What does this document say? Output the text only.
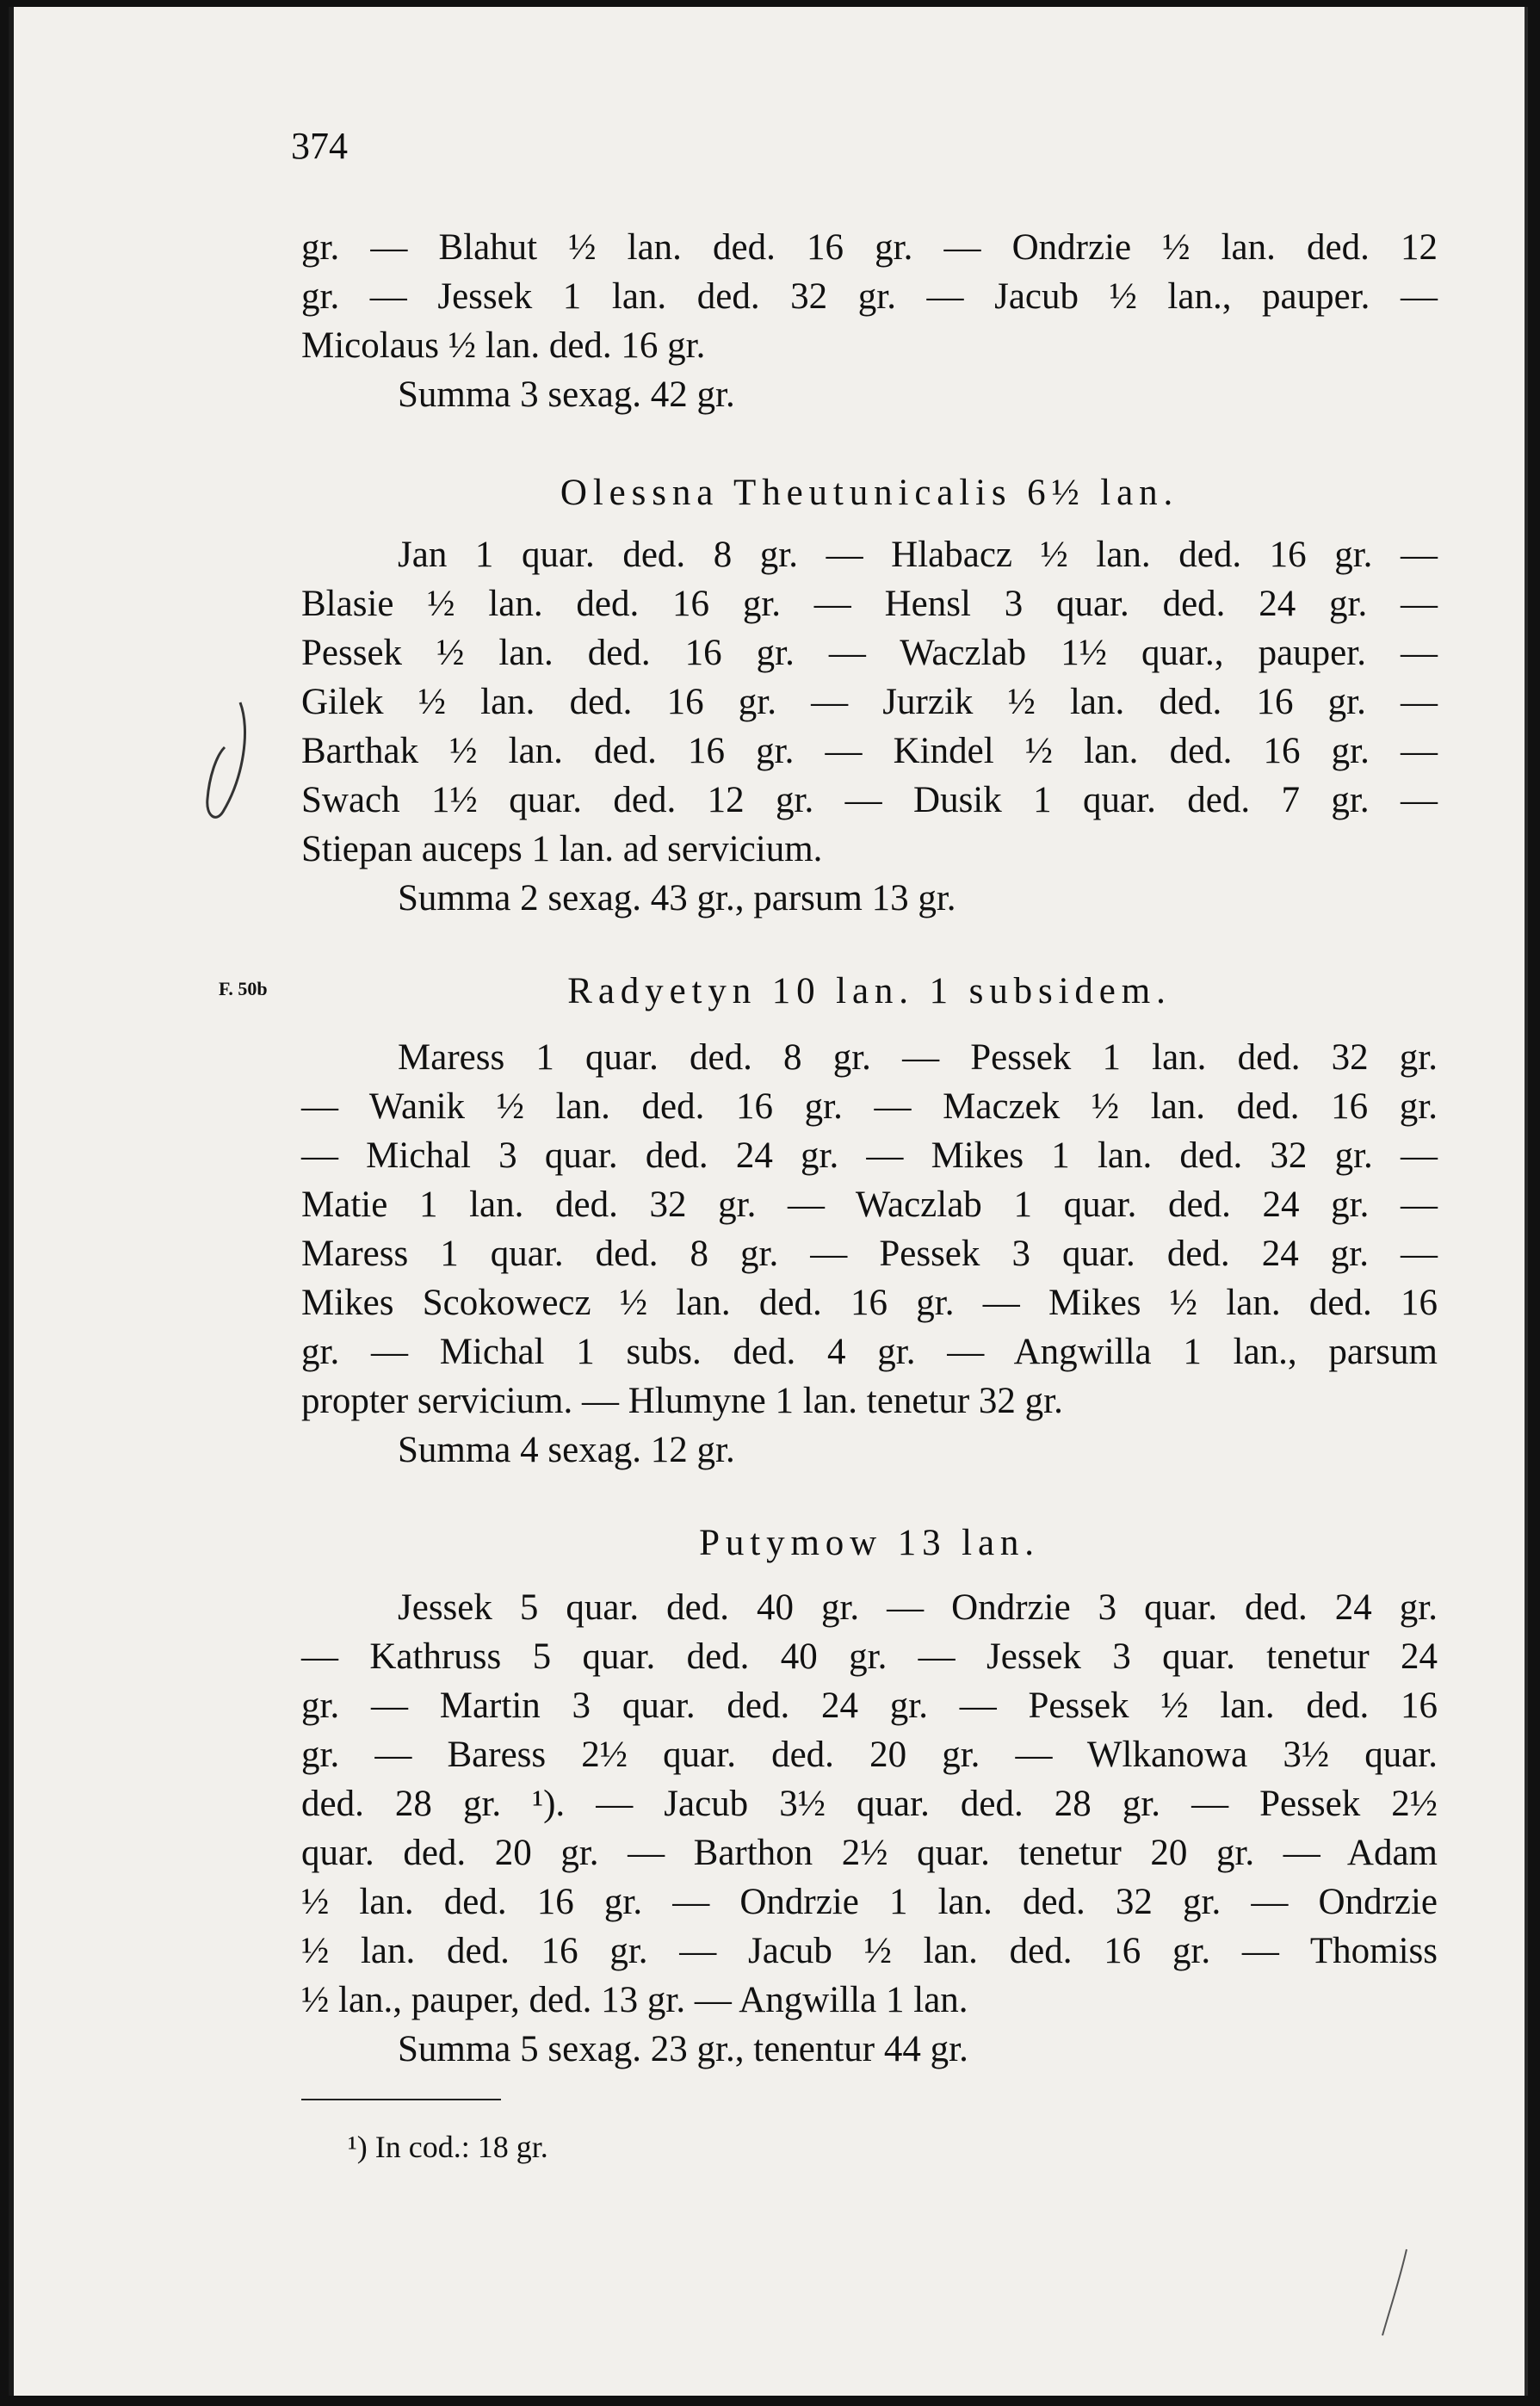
374
F. 50b
gr. — Blahut ½ lan. ded. 16 gr. — Ondrzie ½ lan. ded. 12
gr. — Jessek 1 lan. ded. 32 gr. — Jacub ½ lan., pauper. —
Micolaus ½ lan. ded. 16 gr.
Summa 3 sexag. 42 gr.
Olessna Theutunicalis 6½ lan.
Jan 1 quar. ded. 8 gr. — Hlabacz ½ lan. ded. 16 gr. —
Blasie ½ lan. ded. 16 gr. — Hensl 3 quar. ded. 24 gr. —
Pessek ½ lan. ded. 16 gr. — Waczlab 1½ quar., pauper. —
Gilek ½ lan. ded. 16 gr. — Jurzik ½ lan. ded. 16 gr. —
Barthak ½ lan. ded. 16 gr. — Kindel ½ lan. ded. 16 gr. —
Swach 1½ quar. ded. 12 gr. — Dusik 1 quar. ded. 7 gr. —
Stiepan auceps 1 lan. ad servicium.
Summa 2 sexag. 43 gr., parsum 13 gr.
Radyetyn 10 lan. 1 subsidem.
Maress 1 quar. ded. 8 gr. — Pessek 1 lan. ded. 32 gr.
— Wanik ½ lan. ded. 16 gr. — Maczek ½ lan. ded. 16 gr.
— Michal 3 quar. ded. 24 gr. — Mikes 1 lan. ded. 32 gr. —
Matie 1 lan. ded. 32 gr. — Waczlab 1 quar. ded. 24 gr. —
Maress 1 quar. ded. 8 gr. — Pessek 3 quar. ded. 24 gr. —
Mikes Scokowecz ½ lan. ded. 16 gr. — Mikes ½ lan. ded. 16
gr. — Michal 1 subs. ded. 4 gr. — Angwilla 1 lan., parsum
propter servicium. — Hlumyne 1 lan. tenetur 32 gr.
Summa 4 sexag. 12 gr.
Putymow 13 lan.
Jessek 5 quar. ded. 40 gr. — Ondrzie 3 quar. ded. 24 gr.
— Kathruss 5 quar. ded. 40 gr. — Jessek 3 quar. tenetur 24
gr. — Martin 3 quar. ded. 24 gr. — Pessek ½ lan. ded. 16
gr. — Baress 2½ quar. ded. 20 gr. — Wlkanowa 3½ quar.
ded. 28 gr. ¹). — Jacub 3½ quar. ded. 28 gr. — Pessek 2½
quar. ded. 20 gr. — Barthon 2½ quar. tenetur 20 gr. — Adam
½ lan. ded. 16 gr. — Ondrzie 1 lan. ded. 32 gr. — Ondrzie
½ lan. ded. 16 gr. — Jacub ½ lan. ded. 16 gr. — Thomiss
½ lan., pauper, ded. 13 gr. — Angwilla 1 lan.
Summa 5 sexag. 23 gr., tenentur 44 gr.
¹) In cod.: 18 gr.
